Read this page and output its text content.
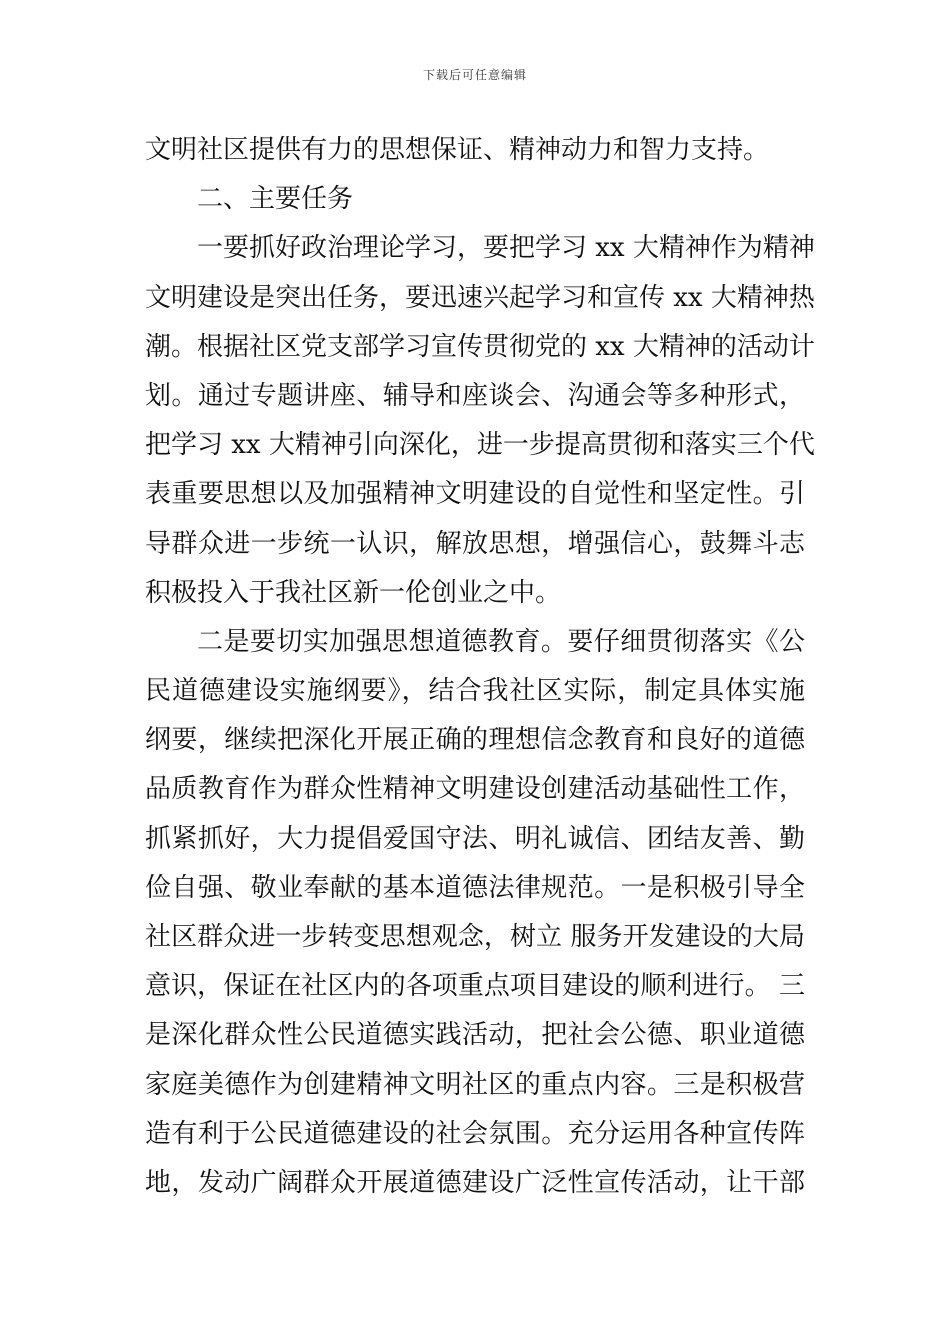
下载后可任意编辑
文明社区提供有力的思想保证、精神动力和智力支持。
二、主要任务
一要抓好政治理论学习，要把学习 xx 大精神作为精神
文明建设是突出任务，要迅速兴起学习和宣传 xx 大精神热
潮。根据社区党支部学习宣传贯彻党的 xx 大精神的活动计
划。通过专题讲座、辅导和座谈会、沟通会等多种形式，
把学习 xx 大精神引向深化，进一步提高贯彻和落实三个代
表重要思想以及加强精神文明建设的自觉性和坚定性。引
导群众进一步统一认识，解放思想，增强信心，鼓舞斗志
积极投入于我社区新一伦创业之中。
二是要切实加强思想道德教育。要仔细贯彻落实《公
民道德建设实施纲要》，结合我社区实际，制定具体实施
纲要，继续把深化开展正确的理想信念教育和良好的道德
品质教育作为群众性精神文明建设创建活动基础性工作，
抓紧抓好，大力提倡爱国守法、明礼诚信、团结友善、勤
俭自强、敬业奉献的基本道德法律规范。一是积极引导全
社区群众进一步转变思想观念，树立 服务开发建设的大局
意识，保证在社区内的各项重点项目建设的顺利进行。 三
是深化群众性公民道德实践活动，把社会公德、职业道德
家庭美德作为创建精神文明社区的重点内容。三是积极营
造有利于公民道德建设的社会氛围。充分运用各种宣传阵
地，发动广阔群众开展道德建设广泛性宣传活动，让干部
